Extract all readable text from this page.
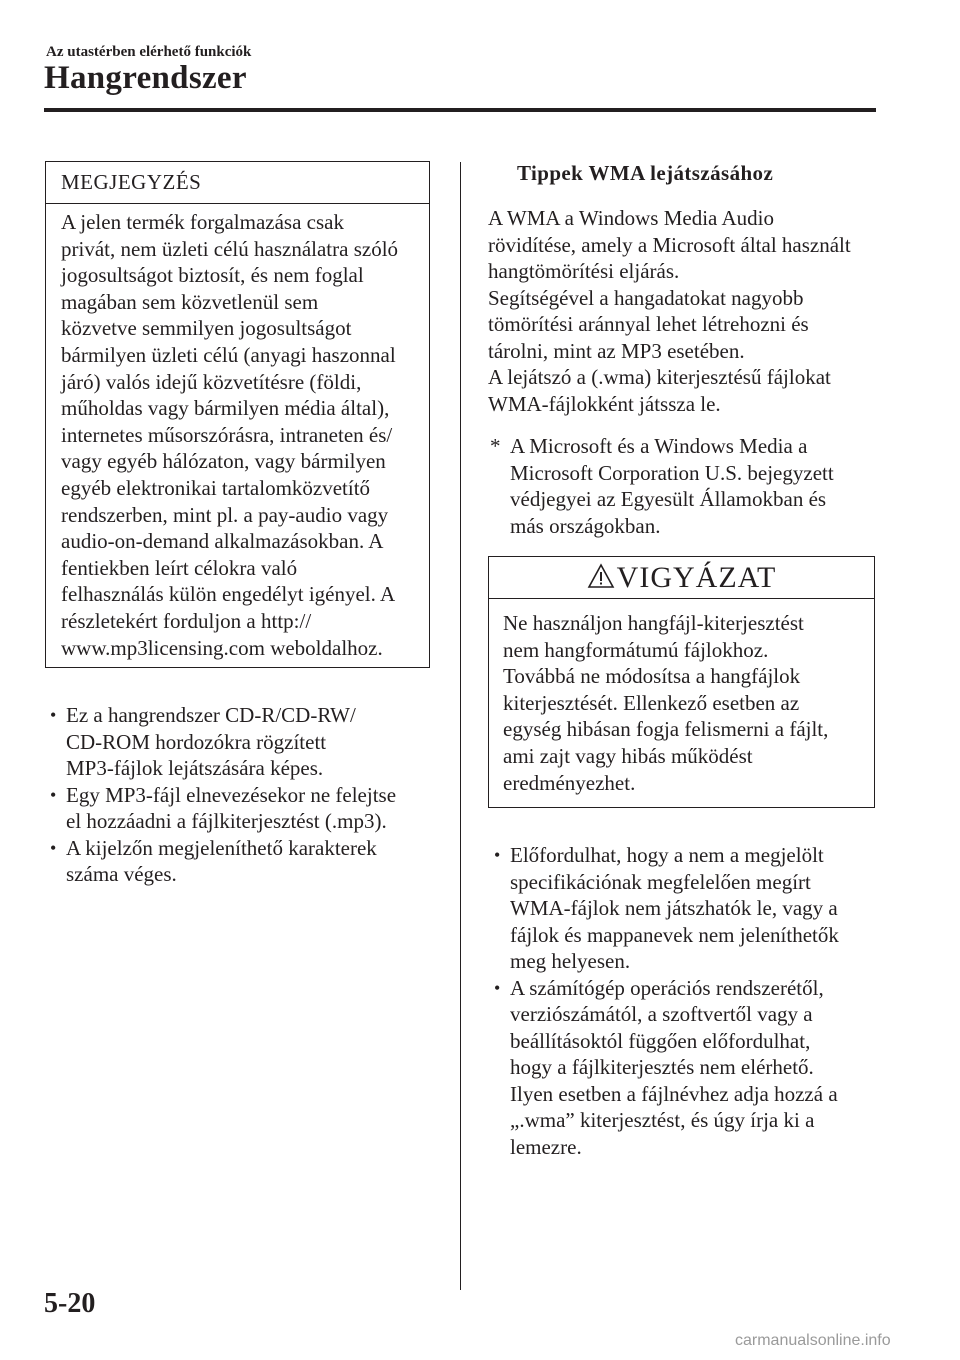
Az utastérben elérhető funkciók
Hangrendszer
MEGJEGYZÉS
A jelen termék forgalmazása csak
privát, nem üzleti célú használatra szóló
jogosultságot biztosít, és nem foglal
magában sem közvetlenül sem
közvetve semmilyen jogosultságot
bármilyen üzleti célú (anyagi haszonnal
járó) valós idejű közvetítésre (földi,
műholdas vagy bármilyen média által),
internetes műsorszórásra, intraneten és/
vagy egyéb hálózaton, vagy bármilyen
egyéb elektronikai tartalomközvetítő
rendszerben, mint pl. a pay-audio vagy
audio-on-demand alkalmazásokban. A
fentiekben leírt célokra való
felhasználás külön engedélyt igényel. A
részletekért forduljon a http://
www.mp3licensing.com weboldalhoz.
• Ez a hangrendszer CD-R/CD-RW/
CD-ROM hordozókra rögzített
MP3-fájlok lejátszására képes.
• Egy MP3-fájl elnevezésekor ne felejtse
el hozzáadni a fájlkiterjesztést (.mp3).
• A kijelzőn megjeleníthető karakterek
száma véges.
Tippek WMA lejátszásához
A WMA a Windows Media Audio
rövidítése, amely a Microsoft által használt
hangtömörítési eljárás.
Segítségével a hangadatokat nagyobb
tömörítési aránnyal lehet létrehozni és
tárolni, mint az MP3 esetében.
A lejátszó a (.wma) kiterjesztésű fájlokat
WMA-fájlokként játssza le.
* A Microsoft és a Windows Media a
Microsoft Corporation U.S. bejegyzett
védjegyei az Egyesült Államokban és
más országokban.
VIGYÁZAT
Ne használjon hangfájl-kiterjesztést
nem hangformátumú fájlokhoz.
Továbbá ne módosítsa a hangfájlok
kiterjesztését. Ellenkező esetben az
egység hibásan fogja felismerni a fájlt,
ami zajt vagy hibás működést
eredményezhet.
• Előfordulhat, hogy a nem a megjelölt
specifikációnak megfelelően megírt
WMA-fájlok nem játszhatók le, vagy a
fájlok és mappanevek nem jeleníthetők
meg helyesen.
• A számítógép operációs rendszerétől,
verziószámától, a szoftvertől vagy a
beállításoktól függően előfordulhat,
hogy a fájlkiterjesztés nem elérhető.
Ilyen esetben a fájlnévhez adja hozzá a
„.wma” kiterjesztést, és úgy írja ki a
lemezre.
5-20
carmanualsonline.info
